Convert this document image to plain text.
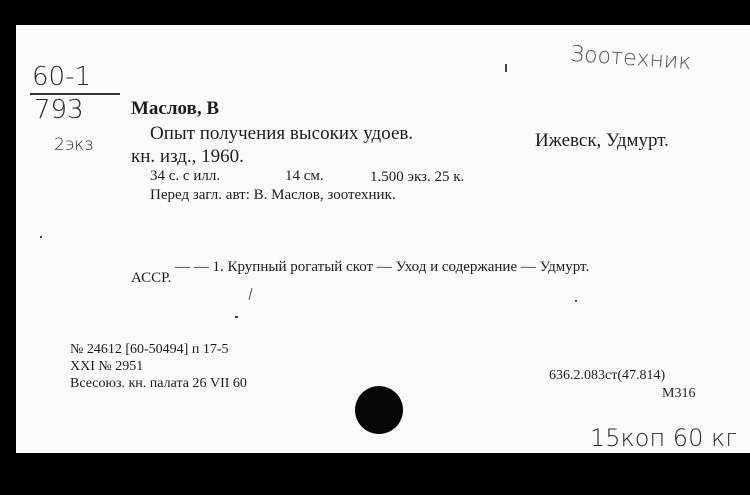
60-1
793
2экз
Зоотехник
15коп 60 кг
Маслов, В
Опыт получения высоких удоев.	Ижевск, Удмурт.
кн. изд., 1960.
34 с. с илл.	14 см.	1.500 экз. 25 к.
Перед загл. авт: В. Маслов, зоотехник.
— — 1. Крупный рогатый скот — Уход и содержание — Удмурт.
АССР.
№ 24612 [60-50494] п 17-5
XXI № 2951
Всесоюз. кн. палата 26 VII 60
636.2.083ст(47.814)
М316
